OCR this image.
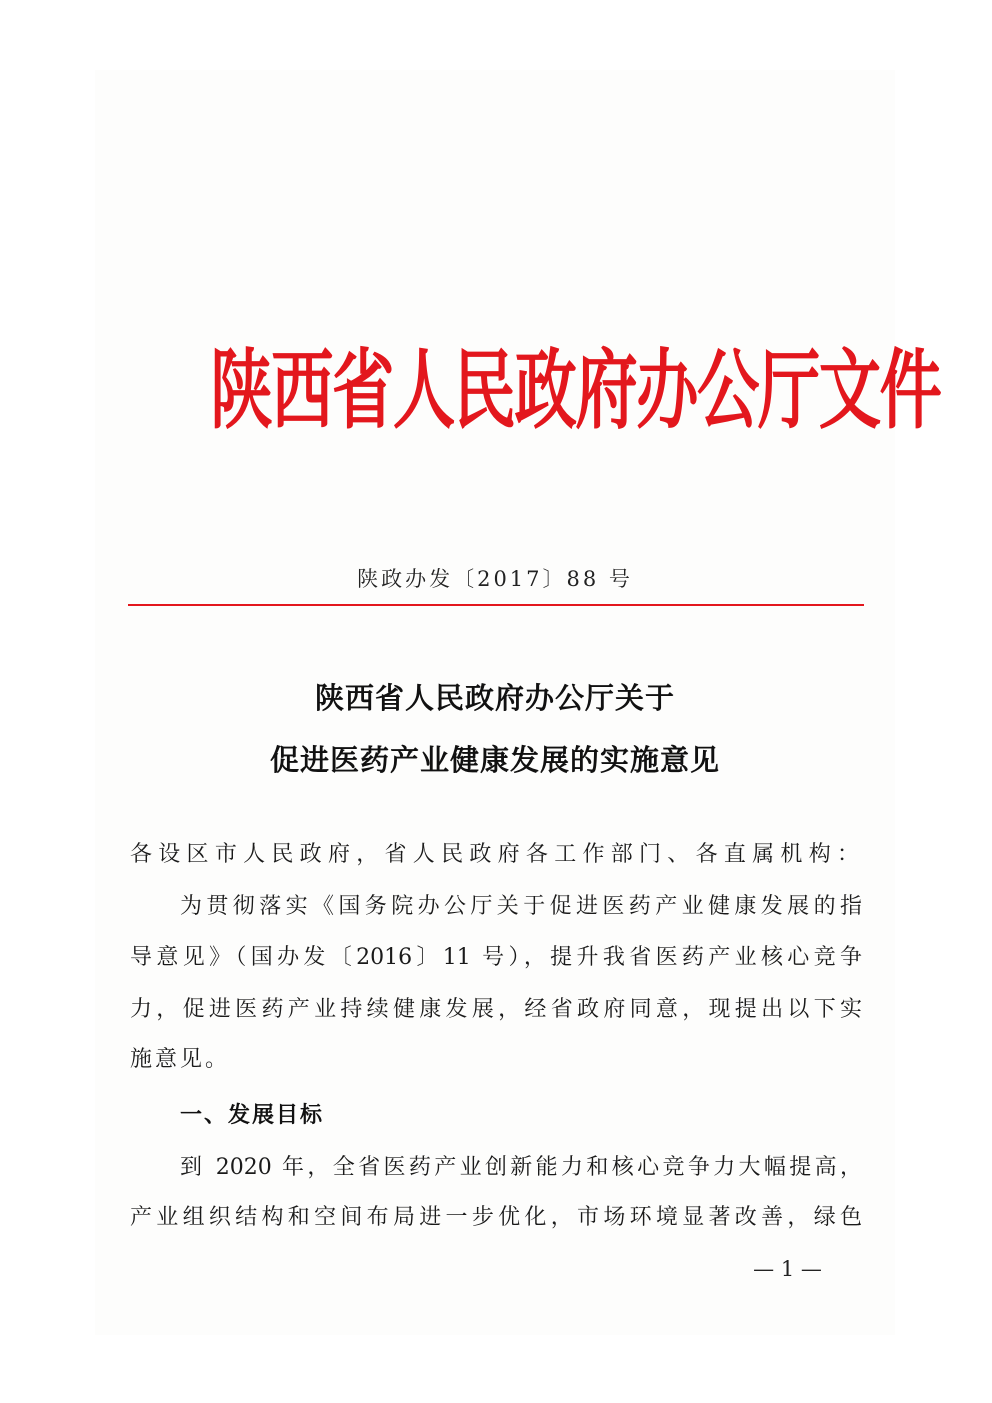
陕西省人民政府办公厅文件
陕政办发〔2017〕88 号
陕西省人民政府办公厅关于
促进医药产业健康发展的实施意见
各设区市人民政府，省人民政府各工作部门、各直属机构：
为贯彻落实《国务院办公厅关于促进医药产业健康发展的指
导意见》（国办发〔2016〕11 号），提升我省医药产业核心竞争
力，促进医药产业持续健康发展，经省政府同意，现提出以下实
施意见。
一、发展目标
到 2020 年，全省医药产业创新能力和核心竞争力大幅提高，
产业组织结构和空间布局进一步优化，市场环境显著改善，绿色
— 1 —
